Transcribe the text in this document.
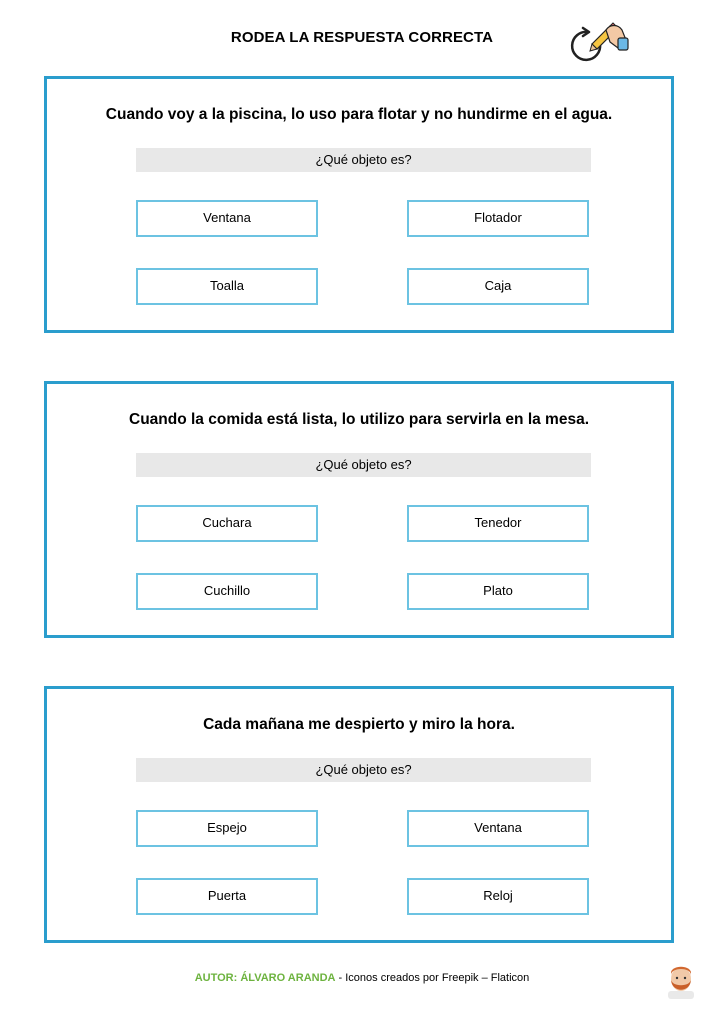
RODEA LA RESPUESTA CORRECTA
Cuando voy a la piscina, lo uso para flotar y no hundirme en el agua.
¿Qué objeto es?
Ventana	Flotador
Toalla	Caja
Cuando la comida está lista, lo utilizo para servirla en la mesa.
¿Qué objeto es?
Cuchara	Tenedor
Cuchillo	Plato
Cada mañana me despierto y miro la hora.
¿Qué objeto es?
Espejo	Ventana
Puerta	Reloj
AUTOR: ÁLVARO ARANDA - Iconos creados por Freepik – Flaticon
